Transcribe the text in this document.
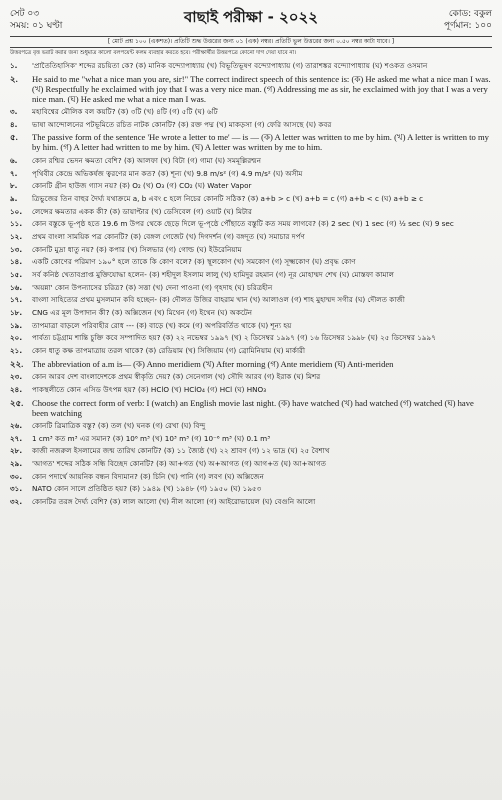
সেট ০৩
সময়: ০১ ঘণ্টা	বাছাই পরীক্ষা - ২০২২	কোড: বকুল
পূর্ণমান: ১০০
[ মোট প্রশ্ন ১০০ (একশত)। প্রতিটি শুদ্ধ উত্তরের জন্য ০১ (এক) নম্বর। প্রতিটি ভুল উত্তরের জন্য ০.৫০ নম্বর কাটা যাবে। ]
উত্তরপত্রে বৃত্ত ভরাট করার জন্য শুধুমাত্র কালো বলপয়েন্ট কলম ব্যবহার করতে হবে। পরীক্ষার্থীর উত্তরপত্রে কোনো দাগ দেয়া যাবে না।
১.	'প্রাতৈতিহাসিক' শব্দের রচয়িতা কে? (ক) মানিক বন্দ্যোপাধ্যায় (খ) বিভূতিভূষণ বন্দ্যোপাধ্যায় (গ) তারাশঙ্কর বন্দ্যোপাধ্যায় (ঘ) শওকত ওসমান
২.	He said to me "what a nice man you are, sir!" The correct indirect speech of this sentence is: (ক) He asked me what a nice man I was. (খ) Respectfully he exclaimed with joy that I was a very nice man. (গ) Addressing me as sir, he exclaimed with joy that I was a very nice man. (ঘ) He asked me what a nice man I was.
৩.	মহাবিশ্বের মৌলিক বল কয়টি? (ক) ৩টি (খ) ৪টি (গ) ৫টি (ঘ) ৬টি
৪.	ভাষা আন্দোলনের পটভূমিতে রচিত নাটক কোনটি? (ক) রক্ত পদ্ম (খ) মাকড়সা (গ) ফেরি আসছে (ঘ) কবর
৫.	The passive form of the sentence 'He wrote a letter to me' — is — (ক) A letter was written to me by him. (খ) A letter is written to my by him. (গ) A letter had written to me by him. (ঘ) A letter was written by me to him.
৬.	কোন রশ্মির ভেদন ক্ষমতা বেশি? (ক) আলফা (খ) বিটা (গ) গামা (ঘ) সমমূল্লিরশ্মন
৭.	পৃথিবীর কেন্দ্রে অভিকর্ষজ ত্বরণের মান কত? (ক) শূন্য (খ) 9.8 m/s² (গ) 4.9 m/s² (ঘ) অসীম
৮.	কোনটি গ্রীন হাউজ গ্যাস নয়? (ক) O₂ (খ) O₃ (গ) CO₂ (ঘ) Water Vapor
৯.	ত্রিভুজের তিন বাহুর দৈর্ঘ্য যথাক্রমে a, b এবং c হলে নিচের কোনটি সঠিক? (ক) a+b > c (খ) a+b = c (গ) a+b < c (ঘ) a+b ≥ c
১০.	লেন্সের ক্ষমতার একক কী? (ক) ডায়াপ্টার (খ) ডেসিবেল (গ) ওয়াট (ঘ) মিটার
১১.	কোন বস্তুকে ভূ-পৃষ্ঠ হতে 19.6 m উপর থেকে ছেড়ে দিলে ভূ-পৃষ্ঠে পৌঁছাতে বস্তুটি কত সময় লাগবে? (ক) 2 sec (খ) 1 sec (গ) ½ sec (ঘ) 9 sec
১২.	প্রথম বাংলা সাময়িক পত্র কোনটি? (ক) বেঙ্গল গেজেট (খ) দিগদর্শন (গ) বঙ্গদূত (ঘ) সমাচার দর্পণ
১৩.	কোনটি মুদ্রা ধাতু নয়? (ক) কপার (খ) সিলভার (গ) গোল্ড (ঘ) ইউরেনিয়াম
১৪.	একটি কোণের পরিমাণ ১৯০° হলে তাকে কি কোণ বলে? (ক) স্থূলকোণ (খ) সমকোণ (গ) সূক্ষ্মকোণ (ঘ) প্রবৃদ্ধ কোণ
১৫.	সর্ব কনিষ্ঠ খেতাবপ্রাপ্ত মুক্তিযোদ্ধা হলেন- (ক) শহীদুল ইসলাম লালু (খ) হামিদুর রহমান (গ) নূর মোহাম্মদ শেখ (ঘ) মোস্তফা কামাল
১৬.	'অয়ন্না' কোন উপন্যাসের চরিত্র? (ক) সত্তা (খ) দেনা পাওনা (গ) গৃহদাহ (ঘ) চরিত্রহীন
১৭.	বাংলা সাহিত্যের প্রথম মুসলমান কবি হচ্ছেন- (ক) দৌলত উজির বাহরাম খান (খ) আলাওল (গ) শাহ মুহাম্মদ সগীর (ঘ) দৌলত কাজী
১৮.	CNG এর মূল উপাদান কী? (ক) অক্সিজেন (খ) মিথেন (গ) ইথেন (ঘ) অকটেন
১৯.	তাপমাত্রা বাড়লে পরিবাহীর রোধ --- (ক) বাড়ে (খ) কমে (গ) অপরিবর্তিত থাকে (ঘ) শূন্য হয়
২০.	পার্বত্য চট্টগ্রাম শান্তি চুক্তি কবে সম্পাদিত হয়? (ক) ২২ নভেম্বর ১৯৯৭ (খ) ২ ডিসেম্বর ১৯৯৭ (গ) ১৬ ডিসেম্বর ১৯৯৮ (ঘ) ২৫ ডিসেম্বর ১৯৯৭
২১.	কোন ধাতু কক্ষ তাপমাত্রায় তরল থাকে? (ক) রেডিয়াম (খ) সিজিয়াম (গ) ব্রোমিনিয়াম (ঘ) মার্কারী
২২.	The abbreviation of a.m is— (ক) Anno meridiem (খ) After morning (গ) Ante meridiem (ঘ) Anti-meriden
২৩.	কোন আরব দেশ বাংলাদেশকে প্রথম স্বীকৃতি দেয়? (ক) সেনেগাল (খ) সৌদি আরব (গ) ইরাক (ঘ) মিশর
২৪.	পাকস্থলীতে কোন এসিড উৎপন্ন হয়? (ক) HClO (খ) HClO₄ (গ) HCl (ঘ) HNO₃
২৫.	Choose the correct form of verb: I (watch) an English movie last night. (ক) have watched (খ) had watched (গ) watched (ঘ) have been watching
২৬.	কোনটি ত্রিমাত্রিক বস্তু? (ক) তল (খ) ঘনক (গ) রেখা (ঘ) বিন্দু
২৭.	1 cm³ কত m³ এর সমান? (ক) 10⁶ m³ (খ) 10³ m³ (গ) 10⁻⁶ m³ (ঘ) 0.1 m³
২৮.	কাজী নজরুল ইসলামের জন্ম তারিখ কোনটি? (ক) ১১ জ্যৈষ্ঠ (খ) ২২ শ্রাবণ (গ) ১২ ভাদ্র (ঘ) ২৫ বৈশাখ
২৯.	'আগত' শব্দের সঠিক সন্ধি বিচ্ছেদ কোনটি? (ক) আ+গত (খ) অ+আগত (গ) আগ+ত (ঘ) আ+আগত
৩০.	কোন পদার্থে আয়নিক বন্ধন বিদ্যমান? (ক) চিনি (খ) পানি (গ) লবণ (ঘ) অক্সিজেন
৩১.	NATO কোন সালে প্রতিষ্ঠিত হয়? (ক) ১৯৪৯ (খ) ১৯৪৮ (গ) ১৯৫০ (ঘ) ১৯৫৩
৩২.	কোনটির তরঙ্গ দৈর্ঘ্য বেশি? (ক) লাল আলো (খ) নীল আলো (গ) আইরোভায়েল (ঘ) বেগুনি আলো
